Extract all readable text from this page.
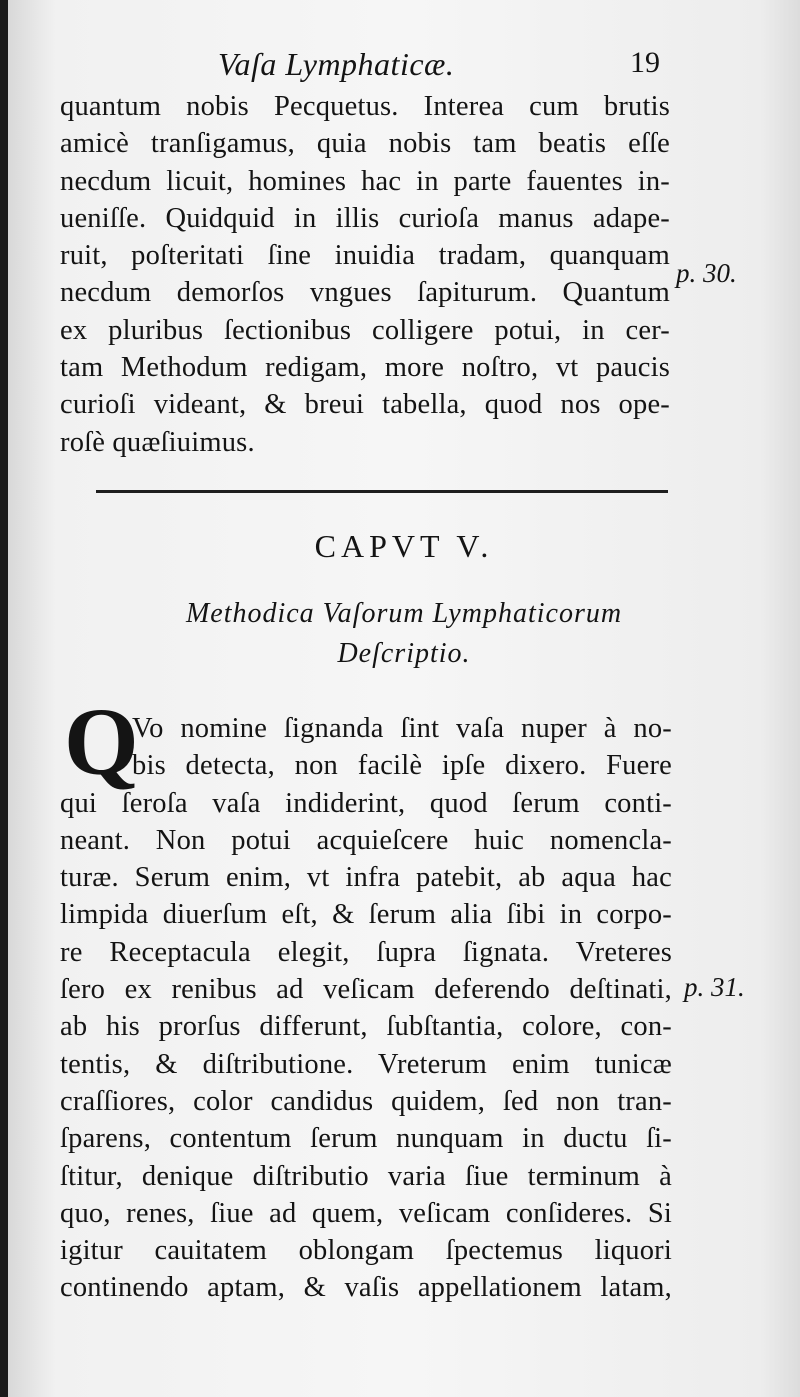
Vaſa Lymphaticæ.	19
quantum nobis Pecquetus. Interea cum brutis
amicè tranſigamus, quia nobis tam beatis eſſe
necdum licuit, homines hac in parte fauentes in-
ueniſſe. Quidquid in illis curioſa manus adape-
ruit, poſteritati ſine inuidia tradam, quanquam
necdum demorſos vngues ſapiturum. Quantum
ex pluribus ſectionibus colligere potui, in cer-
tam Methodum redigam, more noſtro, vt paucis
curioſi videant, & breui tabella, quod nos ope-
roſè quæſiuimus.
p. 30.
CAPVT V.
Methodica Vaſorum Lymphaticorum
Deſcriptio.
Q
Vo nomine ſignanda ſint vaſa nuper à no-
bis detecta, non facilè ipſe dixero. Fuere
qui ſeroſa vaſa indiderint, quod ſerum conti-
neant. Non potui acquieſcere huic nomencla-
turæ. Serum enim, vt infra patebit, ab aqua hac
limpida diuerſum eſt, & ſerum alia ſibi in corpo-
re Receptacula elegit, ſupra ſignata. Vreteres
ſero ex renibus ad veſicam deferendo deſtinati,
ab his prorſus differunt, ſubſtantia, colore, con-
tentis, & diſtributione. Vreterum enim tunicæ
craſſiores, color candidus quidem, ſed non tran-
ſparens, contentum ſerum nunquam in ductu ſi-
ſtitur, denique diſtributio varia ſiue terminum à
quo, renes, ſiue ad quem, veſicam conſideres. Si
igitur cauitatem oblongam ſpectemus liquori
continendo aptam, & vaſis appellationem latam,
p. 31.
